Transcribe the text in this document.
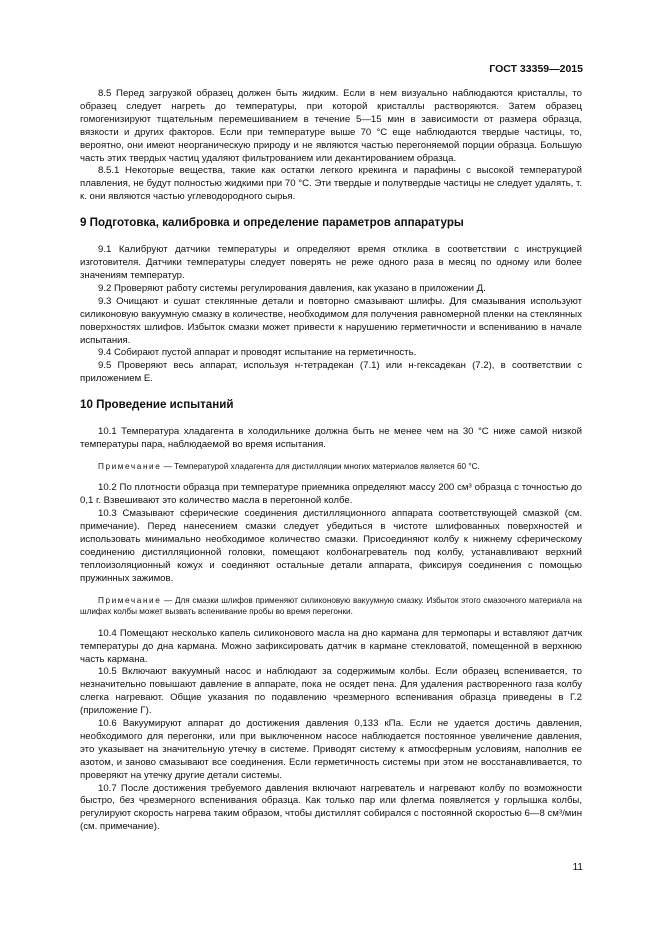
ГОСТ 33359—2015

8.5 Перед загрузкой образец должен быть жидким. Если в нем визуально наблюдаются кристаллы, то образец следует нагреть до температуры, при которой кристаллы растворяются. Затем образец гомогенизируют тщательным перемешиванием в течение 5—15 мин в зависимости от размера образца, вязкости и других факторов. Если при температуре выше 70 °С еще наблюдаются твердые частицы, то, вероятно, они имеют неорганическую природу и не являются частью перегоняемой порции образца. Большую часть этих твердых частиц удаляют фильтрованием или декантированием образца.

8.5.1 Некоторые вещества, такие как остатки легкого крекинга и парафины с высокой температурой плавления, не будут полностью жидкими при 70 °С. Эти твердые и полутвердые частицы не следует удалять, т. к. они являются частью углеводородного сырья.

9 Подготовка, калибровка и определение параметров аппаратуры

9.1 Калибруют датчики температуры и определяют время отклика в соответствии с инструкцией изготовителя. Датчики температуры следует поверять не реже одного раза в месяц по одному или более значениям температур.

9.2 Проверяют работу системы регулирования давления, как указано в приложении Д.

9.3 Очищают и сушат стеклянные детали и повторно смазывают шлифы. Для смазывания используют силиконовую вакуумную смазку в количестве, необходимом для получения равномерной пленки на стеклянных поверхностях шлифов. Избыток смазки может привести к нарушению герметичности и вспениванию в начале испытания.

9.4 Собирают пустой аппарат и проводят испытание на герметичность.

9.5 Проверяют весь аппарат, используя н-тетрадекан (7.1) или н-гексадекан (7.2), в соответствии с приложением Е.

10 Проведение испытаний

10.1 Температура хладагента в холодильнике должна быть не менее чем на 30 °С ниже самой низкой температуры пара, наблюдаемой во время испытания.

Примечание — Температурой хладагента для дистилляции многих материалов является 60 °С.

10.2 По плотности образца при температуре приемника определяют массу 200 см³ образца с точностью до 0,1 г. Взвешивают это количество масла в перегонной колбе.

10.3 Смазывают сферические соединения дистилляционного аппарата соответствующей смазкой (см. примечание). Перед нанесением смазки следует убедиться в чистоте шлифованных поверхностей и использовать минимально необходимое количество смазки. Присоединяют колбу к нижнему сферическому соединению дистилляционной головки, помещают колбонагреватель под колбу, устанавливают верхний теплоизоляционный кожух и соединяют остальные детали аппарата, фиксируя соединения с помощью пружинных зажимов.

Примечание — Для смазки шлифов применяют силиконовую вакуумную смазку. Избыток этого смазочного материала на шлифах колбы может вызвать вспенивание пробы во время перегонки.

10.4 Помещают несколько капель силиконового масла на дно кармана для термопары и вставляют датчик температуры до дна кармана. Можно зафиксировать датчик в кармане стекловатой, помещенной в верхнюю часть кармана.

10.5 Включают вакуумный насос и наблюдают за содержимым колбы. Если образец вспенивается, то незначительно повышают давление в аппарате, пока не осядет пена. Для удаления растворенного газа колбу слегка нагревают. Общие указания по подавлению чрезмерного вспенивания образца приведены в Г.2 (приложение Г).

10.6 Вакуумируют аппарат до достижения давления 0,133 кПа. Если не удается достичь давления, необходимого для перегонки, или при выключенном насосе наблюдается постоянное увеличение давления, это указывает на значительную утечку в системе. Приводят систему к атмосферным условиям, наполнив ее азотом, и заново смазывают все соединения. Если герметичность системы при этом не восстанавливается, то проверяют на утечку другие детали системы.

10.7 После достижения требуемого давления включают нагреватель и нагревают колбу по возможности быстро, без чрезмерного вспенивания образца. Как только пар или флегма появляется у горлышка колбы, регулируют скорость нагрева таким образом, чтобы дистиллят собирался с постоянной скоростью 6—8 см³/мин (см. примечание).

11
